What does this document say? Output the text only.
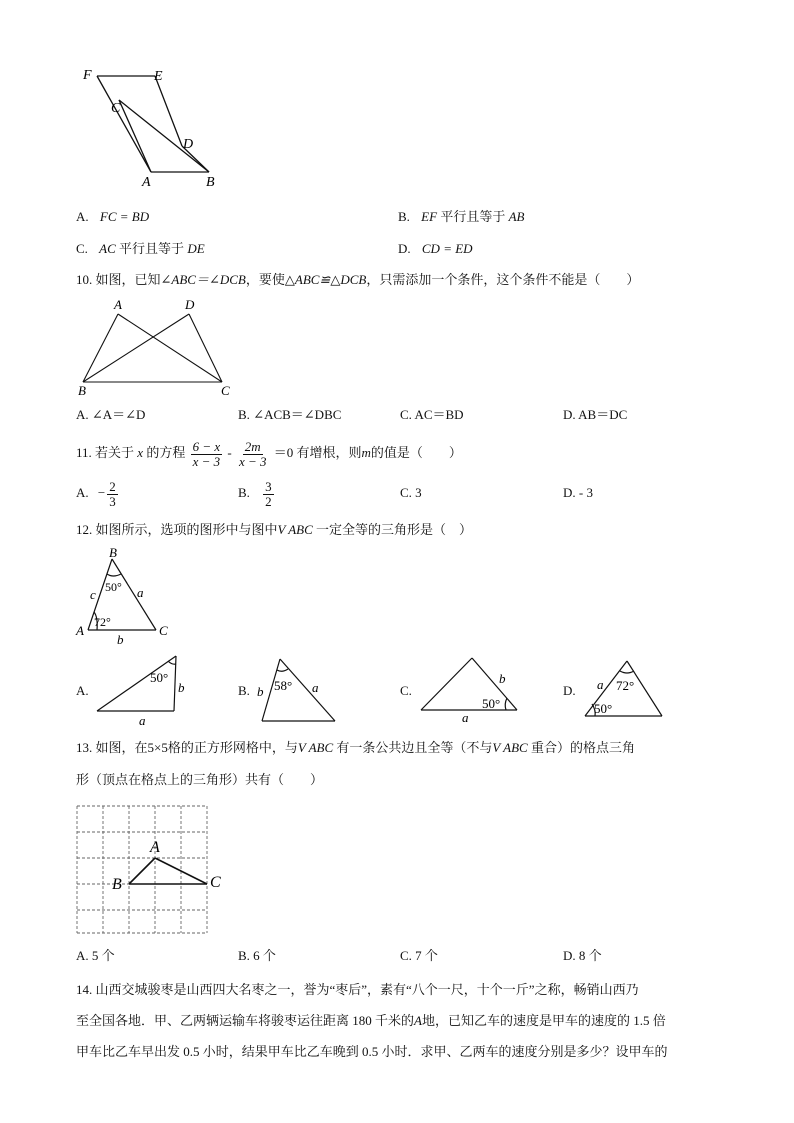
F	E
C
D
A	B
A. FC = BD	B. EF 平行且等于 AB
C. AC 平行且等于 DE	D. CD = ED
10. 如图，已知∠ABC＝∠DCB，要使△ABC≌△DCB，只需添加一个条件，这个条件不能是（　　）
A	D
B	C
A. ∠A＝∠D	B. ∠ACB＝∠DBC	C. AC＝BD	D. AB＝DC
11. 若关于 x 的方程 $\frac{6 - x}{x - 3} - \frac{2m}{x - 3} =0$ 有增根，则m的值是（　　）
A. − $\frac{2}{3}$	B. $\frac{3}{2}$	C. 3	D. - 3
12. 如图所示，选项的图形中与图中V ABC 一定全等的三角形是（　）
B
50°
c	a
A
72°
b
C
A.
50°
b
a
B. 58°
b	a	C.
b
50°
a
D. a 72°
50°
13. 如图，在5×5格的正方形网格中，与V ABC 有一条公共边且全等（不与V ABC 重合）的格点三角
形（顶点在格点上的三角形）共有（　　）
A
B	C
A. 5 个	B. 6 个	C. 7 个	D. 8 个
14. 山西交城骏枣是山西四大名枣之一，誉为“枣后”，素有“八个一尺，十个一斤”之称，畅销山西乃
至全国各地．甲、乙两辆运输车将骏枣运往距离 180 千米的A地，已知乙车的速度是甲车的速度的 1.5 倍
甲车比乙车早出发 0.5 小时，结果甲车比乙车晚到 0.5 小时．求甲、乙两车的速度分别是多少？设甲车的
